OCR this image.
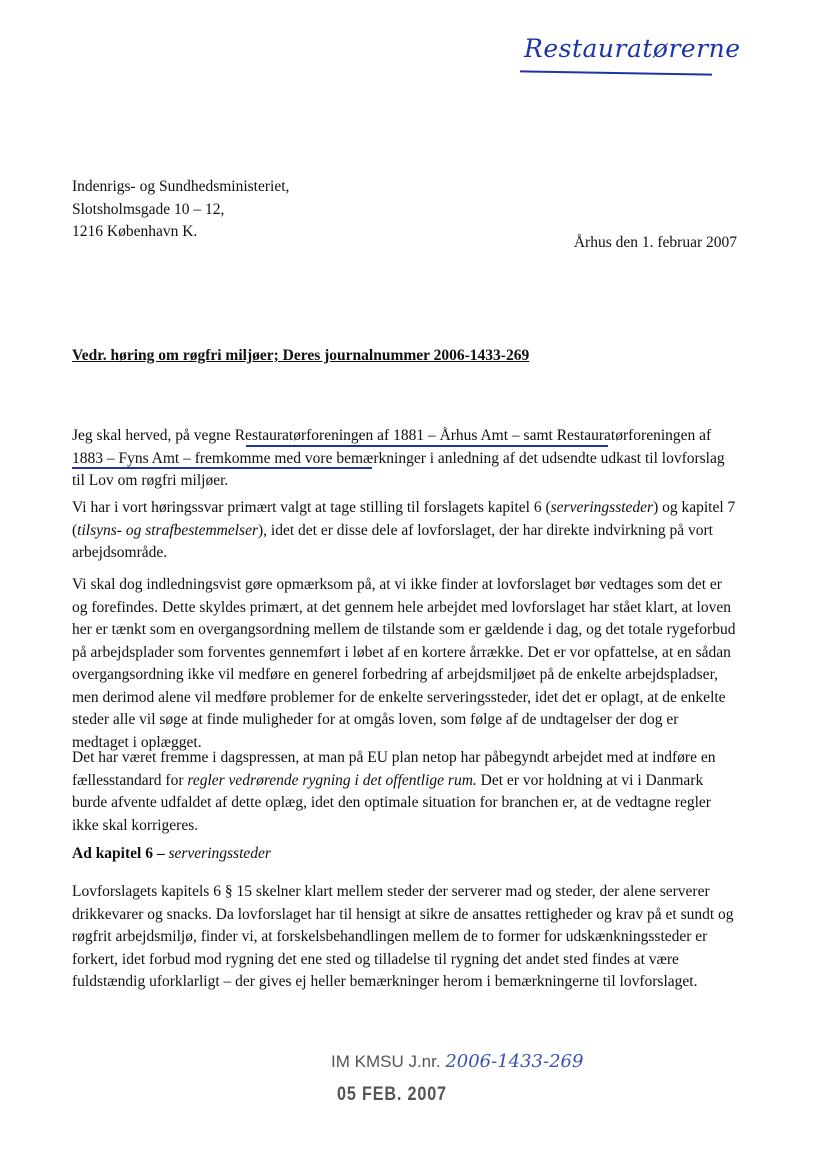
Restauratørerne
Indenrigs- og Sundhedsministeriet,
Slotsholmsgade 10 – 12,
1216 København K.
Århus den 1. februar 2007
Vedr. høring om røgfri miljøer; Deres journalnummer 2006-1433-269
Jeg skal herved, på vegne Restauratørforeningen af 1881 – Århus Amt – samt Restauratørforeningen af 1883 – Fyns Amt – fremkomme med vore bemærkninger i anledning af det udsendte udkast til lovforslag til Lov om røgfri miljøer.
Vi har i vort høringssvar primært valgt at tage stilling til forslagets kapitel 6 (serveringssteder) og kapitel 7 (tilsyns- og strafbestemmelser), idet det er disse dele af lovforslaget, der har direkte indvirkning på vort arbejdsområde.
Vi skal dog indledningsvist gøre opmærksom på, at vi ikke finder at lovforslaget bør vedtages som det er og forefindes. Dette skyldes primært, at det gennem hele arbejdet med lovforslaget har stået klart, at loven her er tænkt som en overgangsordning mellem de tilstande som er gældende i dag, og det totale rygeforbud på arbejdsplader som forventes gennemført i løbet af en kortere årrække. Det er vor opfattelse, at en sådan overgangsordning ikke vil medføre en generel forbedring af arbejdsmiljøet på de enkelte arbejdspladser, men derimod alene vil medføre problemer for de enkelte serveringssteder, idet det er oplagt, at de enkelte steder alle vil søge at finde muligheder for at omgås loven, som følge af de undtagelser der dog er medtaget i oplægget.
Det har været fremme i dagspressen, at man på EU plan netop har påbegyndt arbejdet med at indføre en fællesstandard for regler vedrørende rygning i det offentlige rum. Det er vor holdning at vi i Danmark burde afvente udfaldet af dette oplæg, idet den optimale situation for branchen er, at de vedtagne regler ikke skal korrigeres.
Ad kapitel 6 – serveringssteder
Lovforslagets kapitels 6 § 15 skelner klart mellem steder der serverer mad og steder, der alene serverer drikkevarer og snacks. Da lovforslaget har til hensigt at sikre de ansattes rettigheder og krav på et sundt og røgfrit arbejdsmiljø, finder vi, at forskelsbehandlingen mellem de to former for udskænkningssteder er forkert, idet forbud mod rygning det ene sted og tilladelse til rygning det andet sted findes at være fuldstændig uforklarligt – der gives ej heller bemærkninger herom i bemærkningerne til lovforslaget.
IM KMSU J.nr. 2006-1433-269
05 FEB. 2007
